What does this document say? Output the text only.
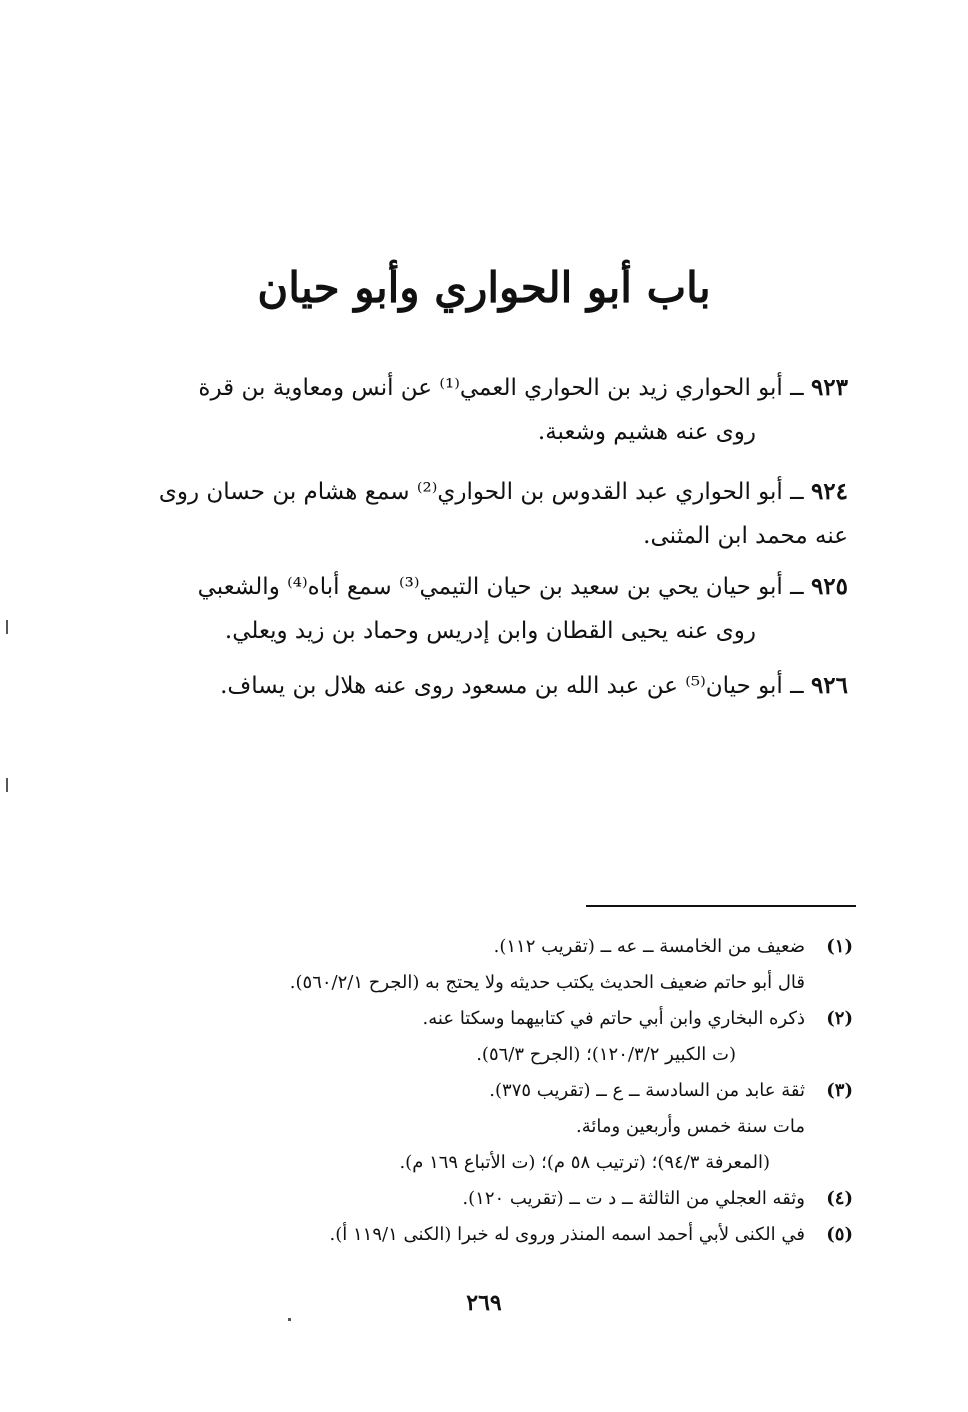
باب أبو الحواري وأبو حيان
٩٢٣ ــ أبو الحواري زيد بن الحواري العمي⁽¹⁾ عن أنس ومعاوية بن قرة
روى عنه هشيم وشعبة.
٩٢٤ ــ أبو الحواري عبد القدوس بن الحواري⁽²⁾ سمع هشام بن حسان روى
عنه محمد ابن المثنى.
٩٢٥ ــ أبو حيان يحي بن سعيد بن حيان التيمي⁽³⁾ سمع أباه⁽⁴⁾ والشعبي
روى عنه يحيى القطان وابن إدريس وحماد بن زيد ويعلي.
٩٢٦ ــ أبو حيان⁽⁵⁾ عن عبد الله بن مسعود روى عنه هلال بن يساف.
(١)ضعيف من الخامسة ــ عه ــ (تقريب ١١٢).
قال أبو حاتم ضعيف الحديث يكتب حديثه ولا يحتج به (الجرح ٥٦٠/٢/١).
(٢)ذكره البخاري وابن أبي حاتم في كتابيهما وسكتا عنه.
(ت الكبير ١٢٠/٣/٢)؛ (الجرح ٥٦/٣).
(٣)ثقة عابد من السادسة ــ ع ــ (تقريب ٣٧٥).
مات سنة خمس وأربعين ومائة.
(المعرفة ٩٤/٣)؛ (ترتيب ٥٨ م)؛ (ت الأتباع ١٦٩ م).
(٤)وثقه العجلي من الثالثة ــ د ت ــ (تقريب ١٢٠).
(٥)في الكنى لأبي أحمد اسمه المنذر وروى له خبرا (الكنى ١١٩/١ أ).
٢٦٩
